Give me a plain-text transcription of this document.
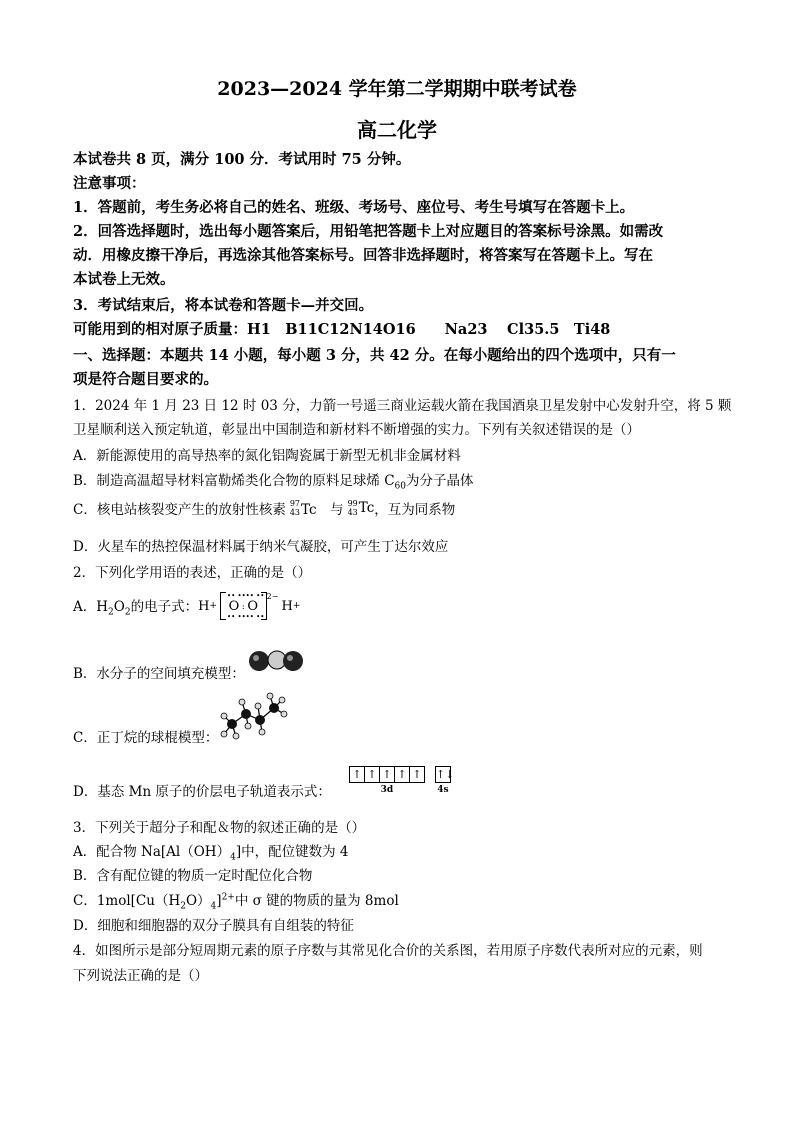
2023—2024 学年第二学期期中联考试卷
高二化学
本试卷共 8 页，满分 100 分．考试用时 75 分钟。
注意事项：
1．答题前，考生务必将自己的姓名、班级、考场号、座位号、考生号填写在答题卡上。
2．回答选择题时，选出每小题答案后，用铅笔把答题卡上对应题目的答案标号涂黑。如需改
动．用橡皮擦干净后，再选涂其他答案标号。回答非选择题时，将答案写在答题卡上。写在
本试卷上无效。
3．考试结束后，将本试卷和答题卡—并交回。
可能用到的相对原子质量：H1　B11C12N14O16　　Na23　 Cl35.5　Ti48
一、选择题：本题共 14 小题，每小题 3 分，共 42 分。在每小题给出的四个选项中，只有一
项是符合题目要求的。
1．2024 年 1 月 23 日 12 时 03 分，力箭一号遥三商业运载火箭在我国酒泉卫星发射中心发射升空，将 5 颗
卫星顺利送入预定轨道，彰显出中国制造和新材料不断增强的实力。下列有关叙述错误的是（）
A．新能源使用的高导热率的氮化铝陶瓷属于新型无机非金属材料
B．制造高温超导材料富勒烯类化合物的原料足球烯 $C_{60}$为分子晶体
C．核电站核裂变产生的放射性核素 97
43 Tc　与 99
43 Tc ，互为同系物
D．火星车的热控保温材料属于纳米气凝胶，可产生丁达尔效应
2．下列化学用语的表述，正确的是（）
A．$H_2O_2$的电子式： H +
•• ••
O
•• ••
:
•• ••
O
•• ••
$^{2-}$
H +
B．水分子的空间填充模型：
C．正丁烷的球棍模型：
D．基态 Mn 原子的价层电子轨道表示式：
↑ ↑ ↑ ↑ ↑
3d
↑↓
4s
3．下列关于超分子和配＆物的叙述正确的是（）
A．配合物 $Na[Al(OH)_4]$中，配位键数为 4
B．含有配位键的物质一定时配位化合物
C．$1mol[Cu(H_2O)_4]^{2+}$中 σ 键的物质的量为 8mol
D．细胞和细胞器的双分子膜具有自组装的特征
4．如图所示是部分短周期元素的原子序数与其常见化合价的关系图，若用原子序数代表所对应的元素，则
下列说法正确的是（）
